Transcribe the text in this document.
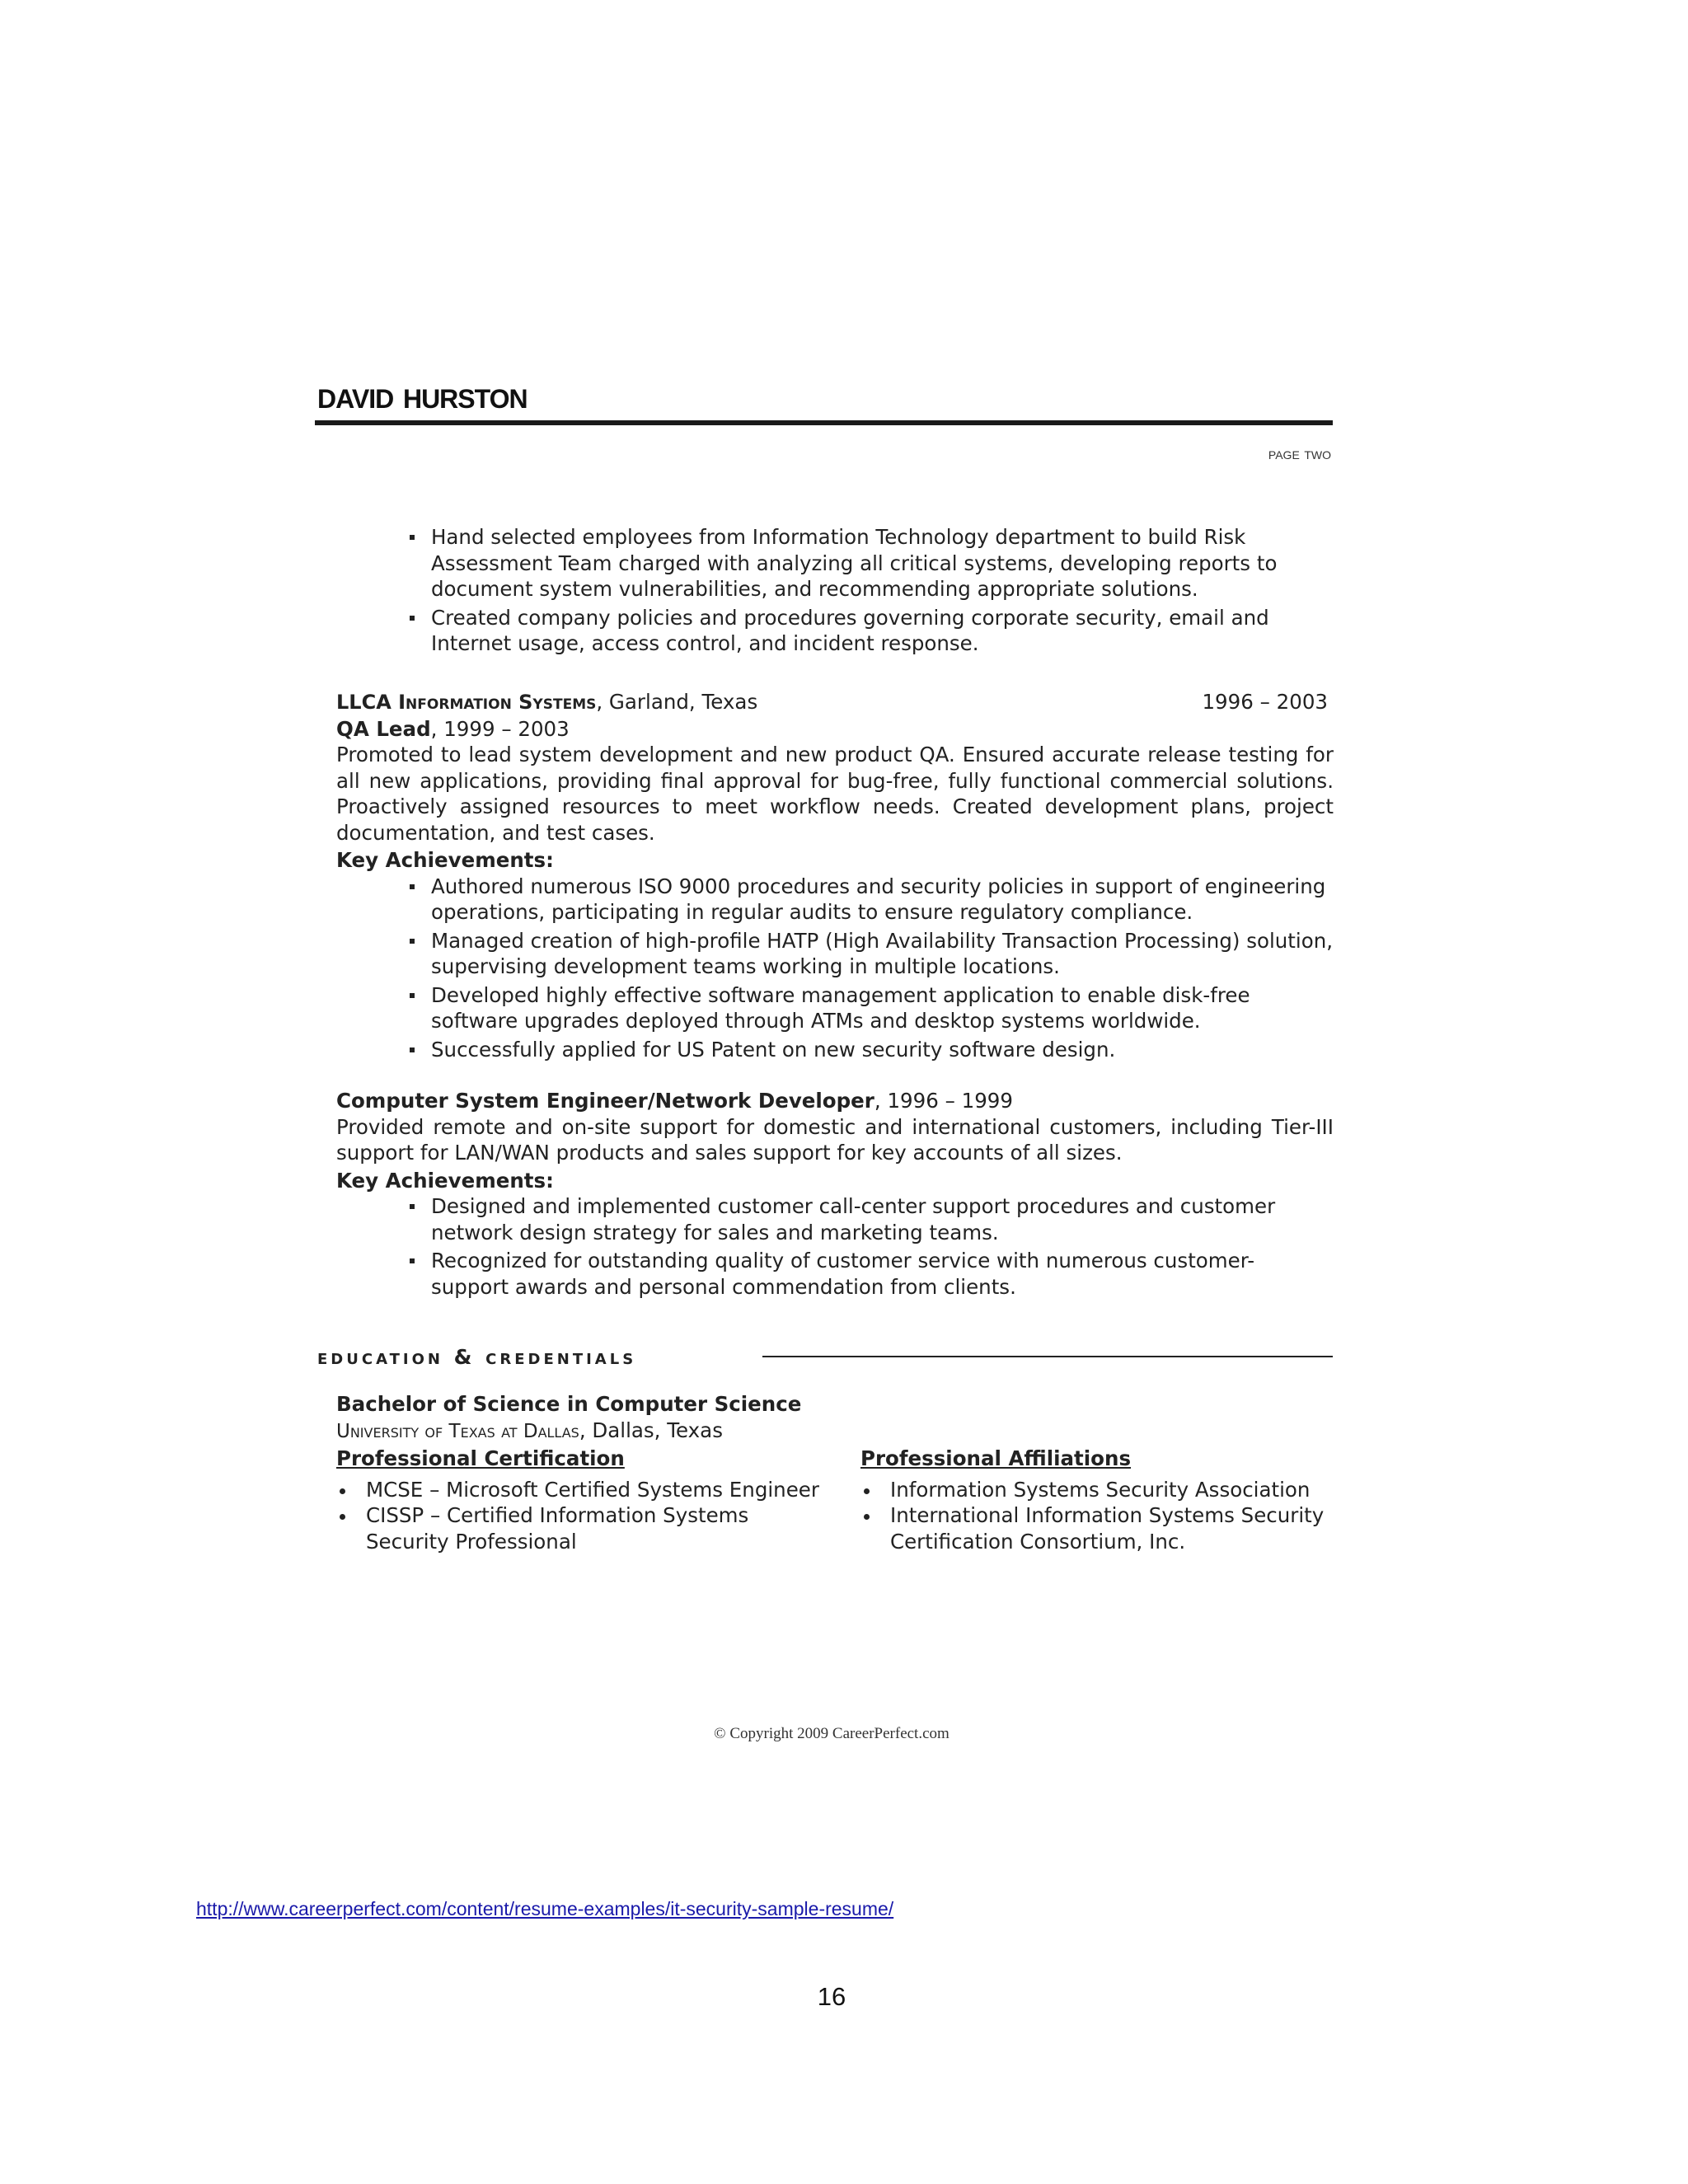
david hurston
page two
Hand selected employees from Information Technology department to build Risk Assessment Team charged with analyzing all critical systems, developing reports to document system vulnerabilities, and recommending appropriate solutions.
Created company policies and procedures governing corporate security, email and Internet usage, access control, and incident response.
LLCA Information Systems, Garland, Texas	1996 – 2003
QA Lead, 1999 – 2003
Promoted to lead system development and new product QA. Ensured accurate release testing for all new applications, providing final approval for bug-free, fully functional commercial solutions. Proactively assigned resources to meet workflow needs. Created development plans, project documentation, and test cases.
Key Achievements:
Authored numerous ISO 9000 procedures and security policies in support of engineering operations, participating in regular audits to ensure regulatory compliance.
Managed creation of high-profile HATP (High Availability Transaction Processing) solution, supervising development teams working in multiple locations.
Developed highly effective software management application to enable disk-free software upgrades deployed through ATMs and desktop systems worldwide.
Successfully applied for US Patent on new security software design.
Computer System Engineer/Network Developer, 1996 – 1999
Provided remote and on-site support for domestic and international customers, including Tier-III support for LAN/WAN products and sales support for key accounts of all sizes.
Key Achievements:
Designed and implemented customer call-center support procedures and customer network design strategy for sales and marketing teams.
Recognized for outstanding quality of customer service with numerous customer-support awards and personal commendation from clients.
education & credentials
Bachelor of Science in Computer Science
University of Texas at Dallas, Dallas, Texas
Professional Certification
MCSE – Microsoft Certified Systems Engineer
CISSP – Certified Information Systems Security Professional
Professional Affiliations
Information Systems Security Association
International Information Systems Security Certification Consortium, Inc.
© Copyright 2009 CareerPerfect.com
http://www.careerperfect.com/content/resume-examples/it-security-sample-resume/
16
